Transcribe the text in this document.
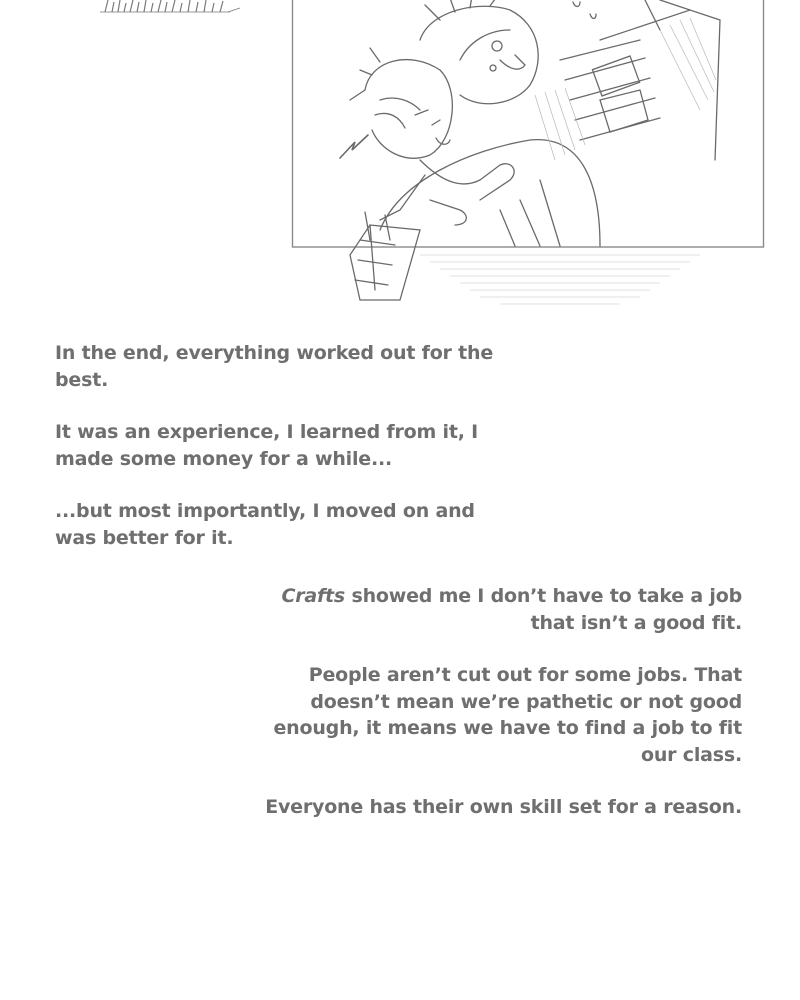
In the end, everything worked out for the best.

It was an experience, I learned from it, I made some money for a while...

...but most importantly, I moved on and was better for it.

Crafts showed me I don’t have to take a job that isn’t a good fit.

People aren’t cut out for some jobs. That doesn’t mean we’re pathetic or not good enough, it means we have to find a job to fit our class.

Everyone has their own skill set for a reason.
